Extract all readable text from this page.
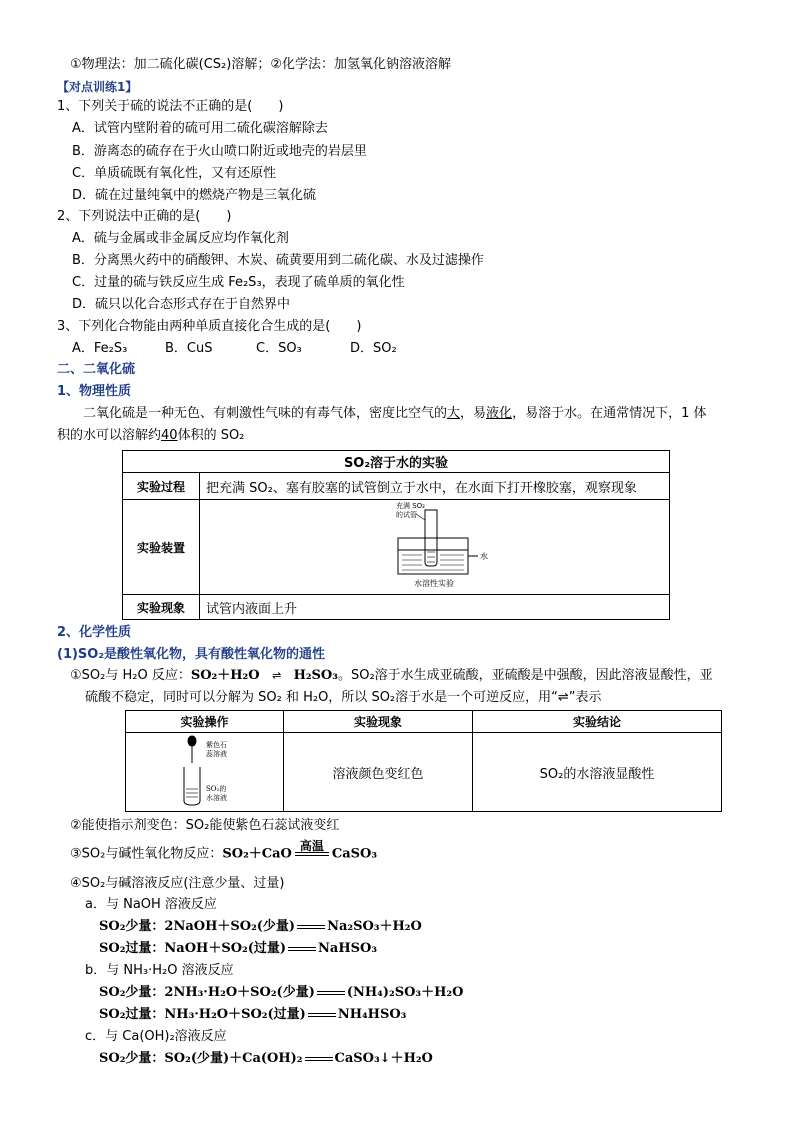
①物理法：加二硫化碳(CS₂)溶解；②化学法：加氢氧化钠溶液溶解
【对点训练1】
1、下列关于硫的说法不正确的是(　　)
A．试管内壁附着的硫可用二硫化碳溶解除去
B．游离态的硫存在于火山喷口附近或地壳的岩层里
C．单质硫既有氧化性，又有还原性
D．硫在过量纯氧中的燃烧产物是三氧化硫
2、下列说法中正确的是(　　)
A．硫与金属或非金属反应均作氧化剂
B．分离黑火药中的硝酸钾、木炭、硫黄要用到二硫化碳、水及过滤操作
C．过量的硫与铁反应生成 Fe₂S₃，表现了硫单质的氧化性
D．硫只以化合态形式存在于自然界中
3、下列化合物能由两种单质直接化合生成的是(　　)
A．Fe₂S₃	B．CuS	C．SO₃	D．SO₂
二、二氧化硫
1、物理性质
　　二氧化硫是一种无色、有刺激性气味的有毒气体，密度比空气的大，易液化，易溶于水。在通常情况下，1 体
积的水可以溶解约40体积的 SO₂
SO₂溶于水的实验	
实验过程	把充满 SO₂、塞有胶塞的试管倒立于水中，在水面下打开橡胶塞，观察现象
实验装置	充满 SO₂
的试管
水
水溶性实验

实验现象	试管内液面上升
2、化学性质
(1)SO₂是酸性氧化物，具有酸性氧化物的通性
①SO₂与 H₂O 反应：SO₂＋H₂O ⇌ H₂SO₃。SO₂溶于水生成亚硫酸，亚硫酸是中强酸，因此溶液显酸性，亚
硫酸不稳定，同时可以分解为 SO₂ 和 H₂O，所以 SO₂溶于水是一个可逆反应，用“⇌”表示
实验操作	实验现象	实验结论

紫色石
蕊溶液
SO₂的
水溶液	溶液颜色变红色	SO₂的水溶液显酸性
②能使指示剂变色：SO₂能使紫色石蕊试液变红
③SO₂与碱性氧化物反应：SO₂＋CaO
高温
CaSO₃
④SO₂与碱溶液反应(注意少量、过量)
a．与 NaOH 溶液反应
SO₂少量：2NaOH＋SO₂(少量) Na₂SO₃＋H₂O
SO₂过量：NaOH＋SO₂(过量) NaHSO₃
b．与 NH₃·H₂O 溶液反应
SO₂少量：2NH₃·H₂O＋SO₂(少量) (NH₄)₂SO₃＋H₂O
SO₂过量：NH₃·H₂O＋SO₂(过量) NH₄HSO₃
c．与 Ca(OH)₂溶液反应
SO₂少量：SO₂(少量)＋Ca(OH)₂ CaSO₃↓＋H₂O
